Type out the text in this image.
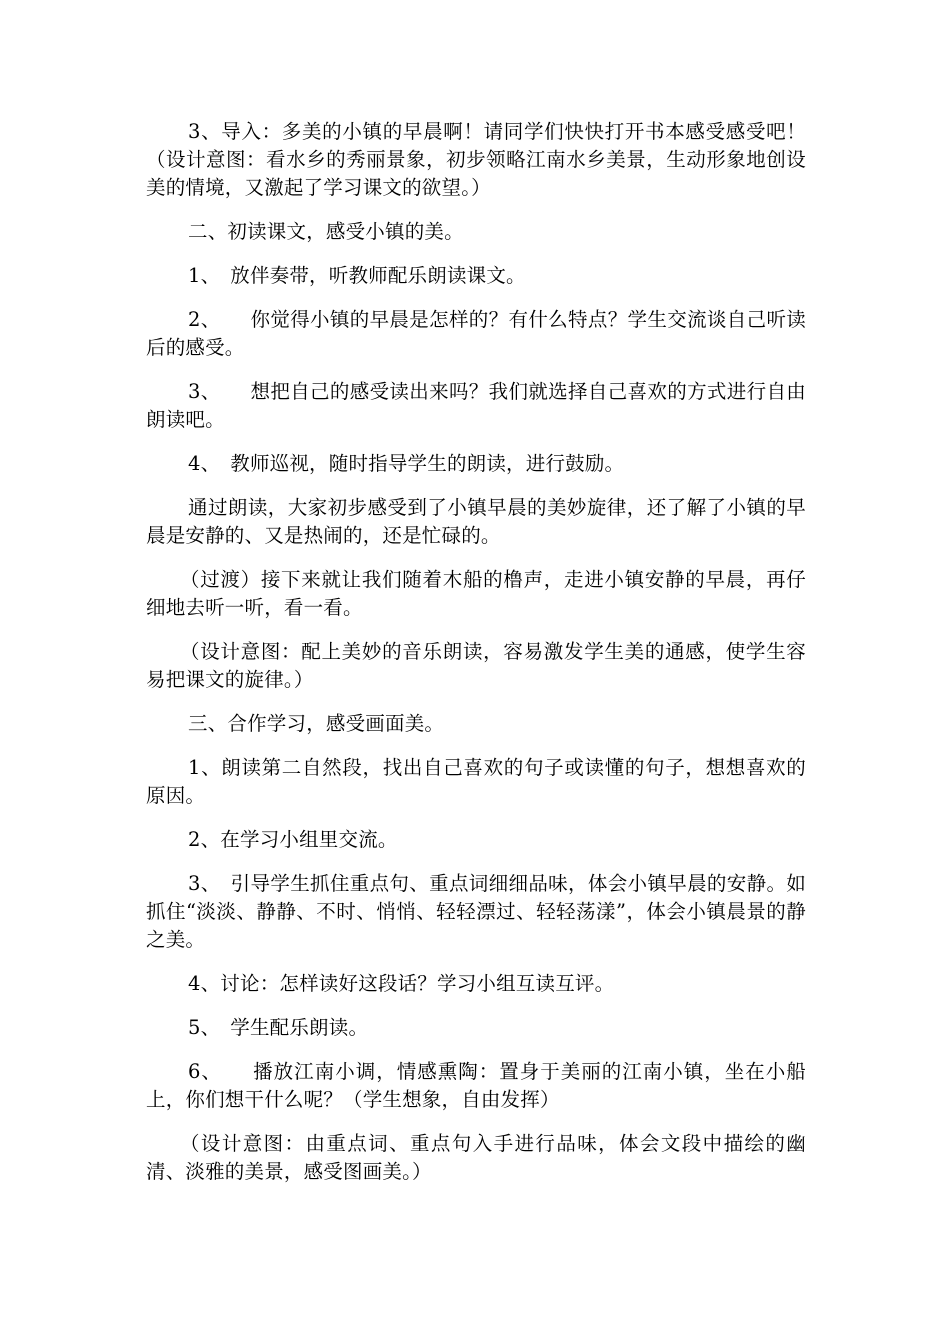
3、导入：多美的小镇的早晨啊！请同学们快快打开书本感受感受吧！ （设计意图：看水乡的秀丽景象，初步领略江南水乡美景，生动形象地创设美的情境，又激起了学习课文的欲望。）

二、初读课文，感受小镇的美。

1、　放伴奏带，听教师配乐朗读课文。

2、　　你觉得小镇的早晨是怎样的？有什么特点？学生交流谈自己听读后的感受。

3、　　想把自己的感受读出来吗？我们就选择自己喜欢的方式进行自由朗读吧。

4、　教师巡视，随时指导学生的朗读，进行鼓励。

通过朗读，大家初步感受到了小镇早晨的美妙旋律，还了解了小镇的早晨是安静的、又是热闹的，还是忙碌的。

（过渡）接下来就让我们随着木船的橹声，走进小镇安静的早晨，再仔细地去听一听，看一看。

（设计意图：配上美妙的音乐朗读，容易激发学生美的通感，使学生容易把课文的旋律。）

三、合作学习，感受画面美。

1、朗读第二自然段，找出自己喜欢的句子或读懂的句子，想想喜欢的原因。

2、在学习小组里交流。

3、　引导学生抓住重点句、重点词细细品味，体会小镇早晨的安静。如抓住“淡淡、静静、不时、悄悄、轻轻漂过、轻轻荡漾”，体会小镇晨景的静之美。

4、讨论：怎样读好这段话？学习小组互读互评。

5、　学生配乐朗读。

6、　　播放江南小调，情感熏陶：置身于美丽的江南小镇，坐在小船上，你们想干什么呢？（学生想象，自由发挥）

（设计意图：由重点词、重点句入手进行品味，体会文段中描绘的幽清、淡雅的美景，感受图画美。）
